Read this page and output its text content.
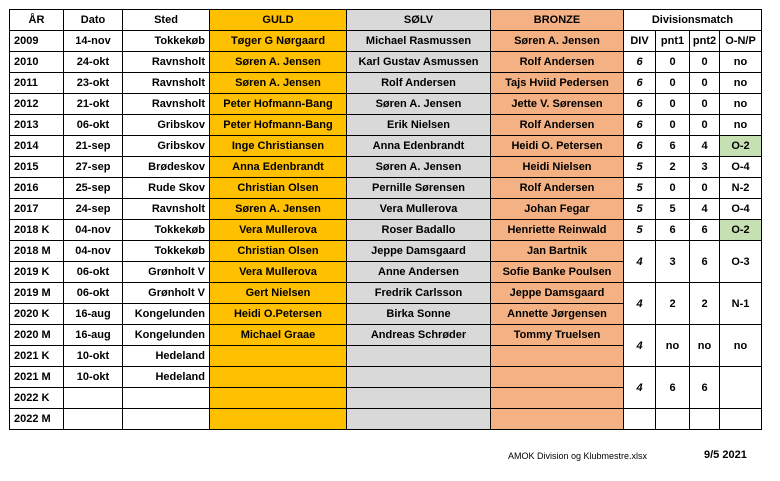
ÅR	Dato	Sted	GULD	SØLV	BRONZE	Divisionsmatch			
2009	14-nov	Tokkekøb	Tøger G Nørgaard	Michael Rasmussen	Søren A. Jensen	DIV	pnt1	pnt2	O-N/P
2010	24-okt	Ravnsholt	Søren A. Jensen	Karl Gustav Asmussen	Rolf Andersen	6	0	0	no
2011	23-okt	Ravnsholt	Søren A. Jensen	Rolf Andersen	Tajs Hviid Pedersen	6	0	0	no
2012	21-okt	Ravnsholt	Peter Hofmann-Bang	Søren A. Jensen	Jette V. Sørensen	6	0	0	no
2013	06-okt	Gribskov	Peter Hofmann-Bang	Erik Nielsen	Rolf Andersen	6	0	0	no
2014	21-sep	Gribskov	Inge Christiansen	Anna Edenbrandt	Heidi O. Petersen	6	6	4	O-2
2015	27-sep	Brødeskov	Anna Edenbrandt	Søren A. Jensen	Heidi Nielsen	5	2	3	O-4
2016	25-sep	Rude Skov	Christian Olsen	Pernille Sørensen	Rolf Andersen	5	0	0	N-2
2017	24-sep	Ravnsholt	Søren A. Jensen	Vera Mullerova	Johan Fegar	5	5	4	O-4
2018 K	04-nov	Tokkekøb	Vera Mullerova	Roser Badallo	Henriette Reinwald	5	6	6	O-2
2018 M	04-nov	Tokkekøb	Christian Olsen	Jeppe Damsgaard	Jan Bartnik	4	3	6	O-3
2019 K	06-okt	Grønholt V	Vera Mullerova	Anne Andersen	Sofie Banke Poulsen				
2019 M	06-okt	Grønholt V	Gert Nielsen	Fredrik Carlsson	Jeppe Damsgaard	4	2	2	N-1
2020 K	16-aug	Kongelunden	Heidi O.Petersen	Birka Sonne	Annette Jørgensen				
2020 M	16-aug	Kongelunden	Michael Graae	Andreas Schrøder	Tommy Truelsen	4	no	no	no
2021 K	10-okt	Hedeland							
2021 M	10-okt	Hedeland				4	6	6	
2022 K									
2022 M									
AMOK Division og Klubmestre.xlsx	9/5 2021
